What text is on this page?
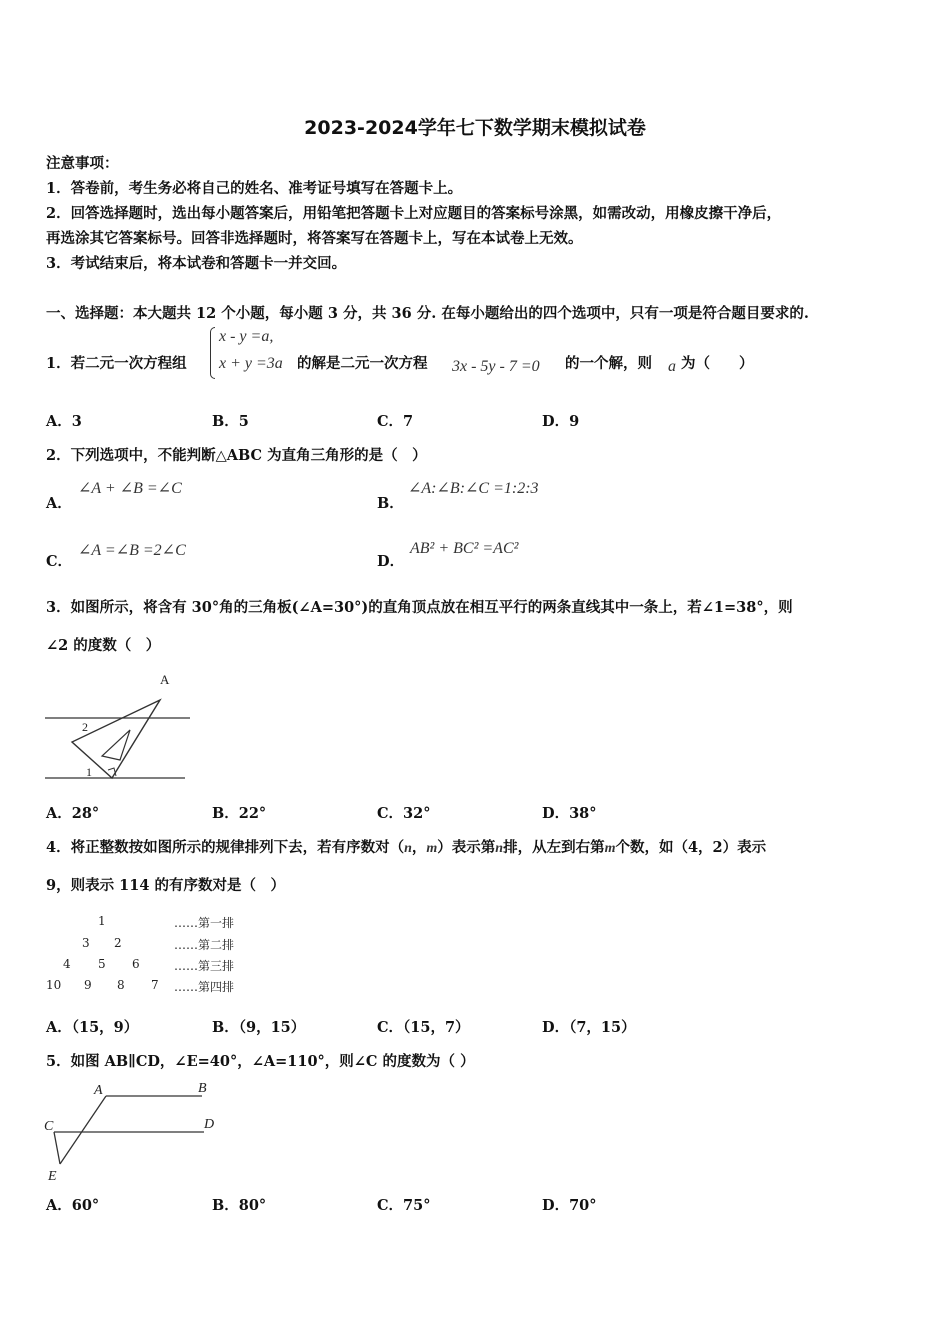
2023-2024学年七下数学期末模拟试卷
注意事项：
1．答卷前，考生务必将自己的姓名、准考证号填写在答题卡上。
2．回答选择题时，选出每小题答案后，用铅笔把答题卡上对应题目的答案标号涂黑，如需改动，用橡皮擦干净后，
再选涂其它答案标号。回答非选择题时，将答案写在答题卡上，写在本试卷上无效。
3．考试结束后，将本试卷和答题卡一并交回。
一、选择题：本大题共 12 个小题，每小题 3 分，共 36 分. 在每小题给出的四个选项中，只有一项是符合题目要求的.
1．若二元一次方程组
x - y =a,
x + y =3a 的解是二元一次方程 3x - 5y - 7 =0 的一个解，则 a 为（　　）
A．3	B．5	C．7	D．9
2．下列选项中，不能判断△ABC 为直角三角形的是（　）
A．
∠A + ∠B =∠C
B．
∠A:∠B:∠C =1:2:3
C．
∠A =∠B =2∠C
D．
AB² + BC² =AC²
3．如图所示，将含有 30°角的三角板(∠A=30°)的直角顶点放在相互平行的两条直线其中一条上，若∠1=38°，则
∠2 的度数（　）
A
2
1
A．28°	B．22°	C．32°	D．38°
4．将正整数按如图所示的规律排列下去，若有序数对（n，m）表示第n排，从左到右第m个数，如（4，2）表示
9，则表示 114 的有序数对是（　）
1	……第一排
3 2	……第二排
4 5 6	……第三排
10 9 8 7 ……第四排
A．（15，9）	B．（9，15）	C．（15，7）	D．（7，15）
5．如图 AB∥CD，∠E=40°，∠A=110°，则∠C 的度数为（ ）
A	B
C	D
E
A．60°	B．80°	C．75°	D．70°
